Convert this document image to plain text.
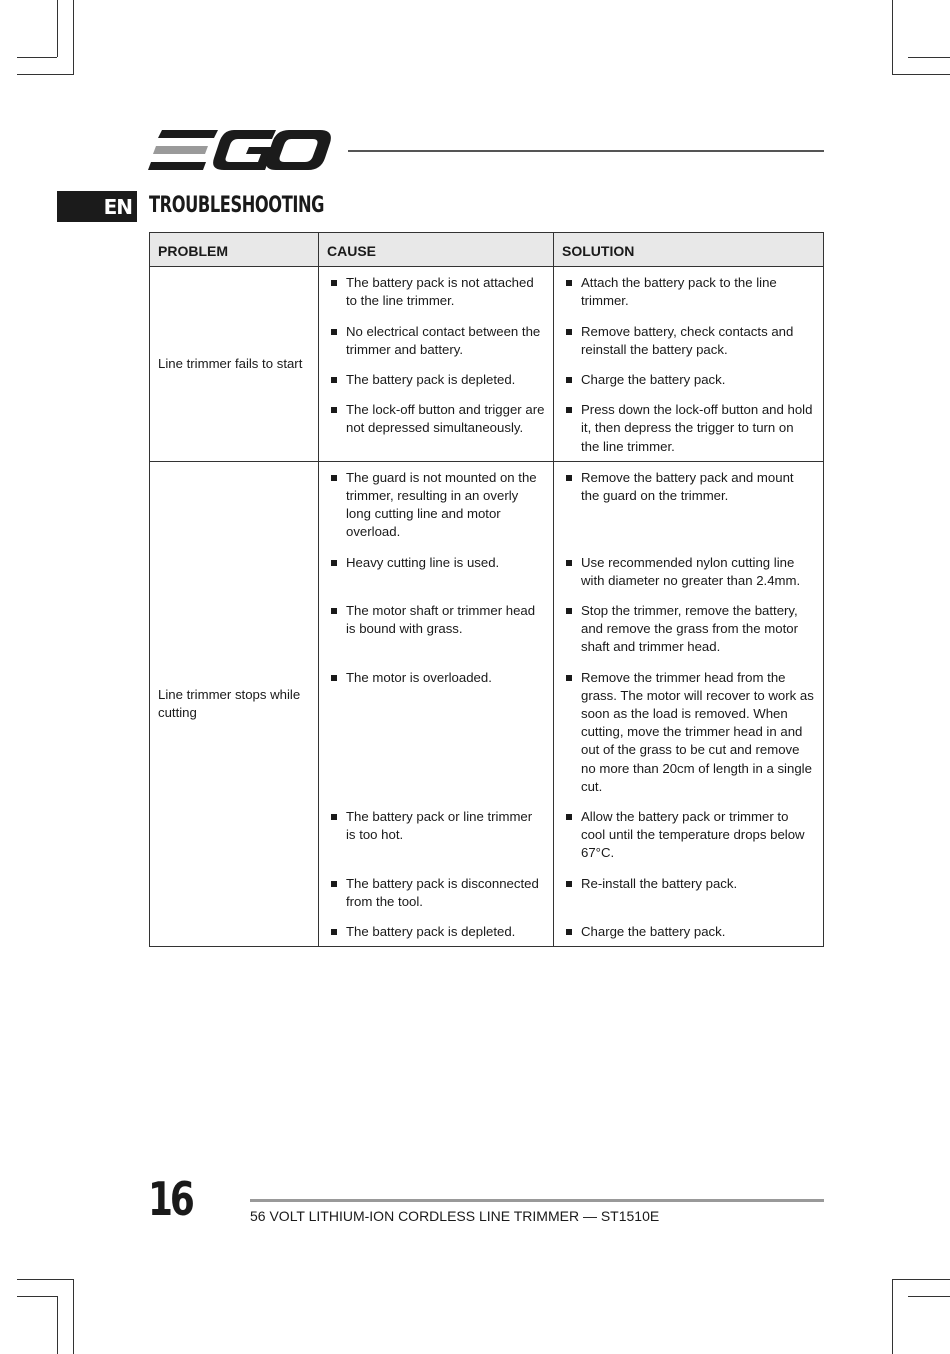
EN TROUBLESHOOTING
PROBLEM	CAUSE	SOLUTION
Line trimmer fails to start	The battery pack is not attached to the line trimmer.	Attach the battery pack to the line trimmer.

	No electrical contact between the trimmer and battery.	Remove battery, check contacts and reinstall the battery pack.

	The battery pack is depleted.	Charge the battery pack.

	The lock-off button and trigger are not depressed simultaneously.	Press down the lock-off button and hold it, then depress the trigger to turn on the line trimmer.

Line trimmer stops while cutting	The guard is not mounted on the trimmer, resulting in an overly long cutting line and motor overload.	Remove the battery pack and mount the guard on the trimmer.

	Heavy cutting line is used.	Use recommended nylon cutting line with diameter no greater than 2.4mm.

	The motor shaft or trimmer head is bound with grass.	Stop the trimmer, remove the battery, and remove the grass from the motor shaft and trimmer head.

	The motor is overloaded.	Remove the trimmer head from the grass. The motor will recover to work as soon as the load is removed. When cutting, move the trimmer head in and out of the grass to be cut and remove no more than 20cm of length in a single cut.

	The battery pack or line trimmer is too hot.	Allow the battery pack or trimmer to cool until the temperature drops below 67°C.

	The battery pack is disconnected from the tool.	Re-install the battery pack.

	The battery pack is depleted.	Charge the battery pack.
16	56 VOLT LITHIUM-ION CORDLESS LINE TRIMMER — ST1510E
